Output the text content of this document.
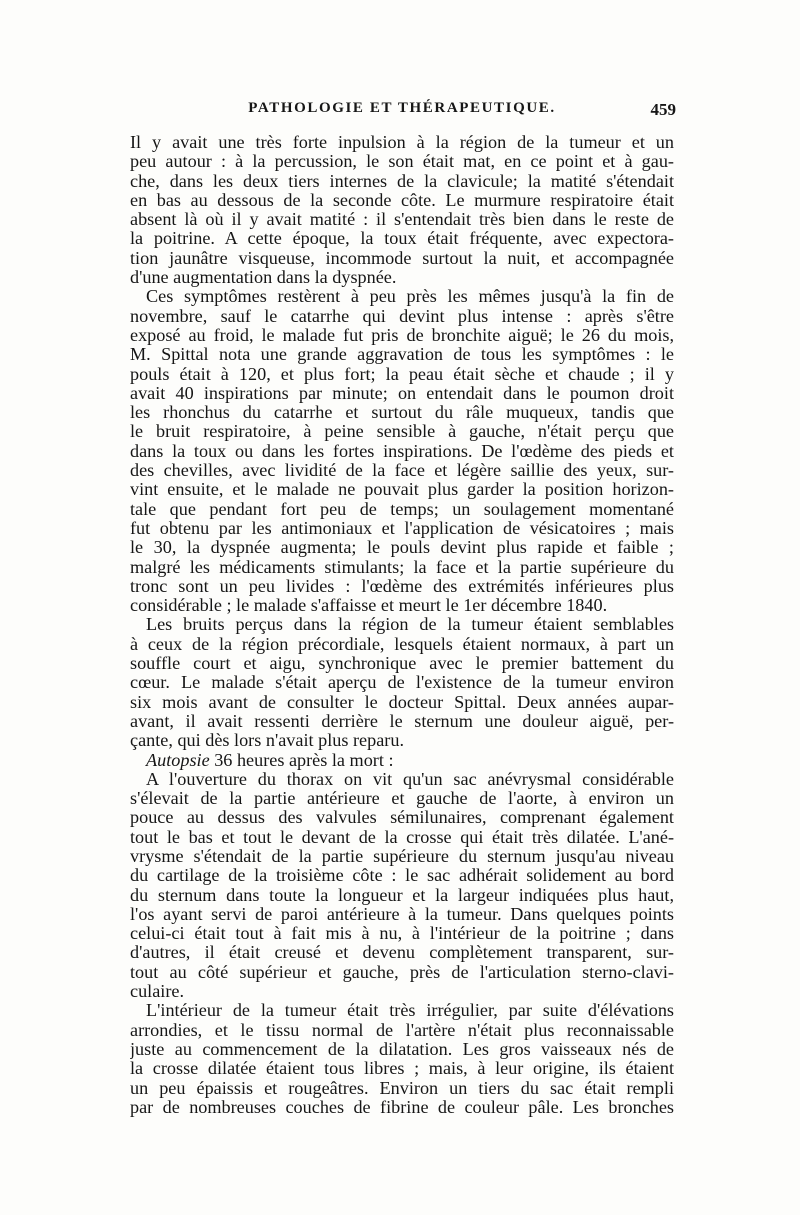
PATHOLOGIE ET THÉRAPEUTIQUE.	459
Il y avait une très forte inpulsion à la région de la tumeur et un
peu autour : à la percussion, le son était mat, en ce point et à gau-
che, dans les deux tiers internes de la clavicule; la matité s'étendait
en bas au dessous de la seconde côte. Le murmure respiratoire était
absent là où il y avait matité : il s'entendait très bien dans le reste de
la poitrine. A cette époque, la toux était fréquente, avec expectora-
tion jaunâtre visqueuse, incommode surtout la nuit, et accompagnée
d'une augmentation dans la dyspnée.
Ces symptômes restèrent à peu près les mêmes jusqu'à la fin de
novembre, sauf le catarrhe qui devint plus intense : après s'être
exposé au froid, le malade fut pris de bronchite aiguë; le 26 du mois,
M. Spittal nota une grande aggravation de tous les symptômes : le
pouls était à 120, et plus fort; la peau était sèche et chaude ; il y
avait 40 inspirations par minute; on entendait dans le poumon droit
les rhonchus du catarrhe et surtout du râle muqueux, tandis que
le bruit respiratoire, à peine sensible à gauche, n'était perçu que
dans la toux ou dans les fortes inspirations. De l'œdème des pieds et
des chevilles, avec lividité de la face et légère saillie des yeux, sur-
vint ensuite, et le malade ne pouvait plus garder la position horizon-
tale que pendant fort peu de temps; un soulagement momentané
fut obtenu par les antimoniaux et l'application de vésicatoires ; mais
le 30, la dyspnée augmenta; le pouls devint plus rapide et faible ;
malgré les médicaments stimulants; la face et la partie supérieure du
tronc sont un peu livides : l'œdème des extrémités inférieures plus
considérable ; le malade s'affaisse et meurt le 1er décembre 1840.
Les bruits perçus dans la région de la tumeur étaient semblables
à ceux de la région précordiale, lesquels étaient normaux, à part un
souffle court et aigu, synchronique avec le premier battement du
cœur. Le malade s'était aperçu de l'existence de la tumeur environ
six mois avant de consulter le docteur Spittal. Deux années aupar-
avant, il avait ressenti derrière le sternum une douleur aiguë, per-
çante, qui dès lors n'avait plus reparu.
Autopsie 36 heures après la mort :
A l'ouverture du thorax on vit qu'un sac anévrysmal considérable
s'élevait de la partie antérieure et gauche de l'aorte, à environ un
pouce au dessus des valvules sémilunaires, comprenant également
tout le bas et tout le devant de la crosse qui était très dilatée. L'ané-
vrysme s'étendait de la partie supérieure du sternum jusqu'au niveau
du cartilage de la troisième côte : le sac adhérait solidement au bord
du sternum dans toute la longueur et la largeur indiquées plus haut,
l'os ayant servi de paroi antérieure à la tumeur. Dans quelques points
celui-ci était tout à fait mis à nu, à l'intérieur de la poitrine ; dans
d'autres, il était creusé et devenu complètement transparent, sur-
tout au côté supérieur et gauche, près de l'articulation sterno-clavi-
culaire.
L'intérieur de la tumeur était très irrégulier, par suite d'élévations
arrondies, et le tissu normal de l'artère n'était plus reconnaissable
juste au commencement de la dilatation. Les gros vaisseaux nés de
la crosse dilatée étaient tous libres ; mais, à leur origine, ils étaient
un peu épaissis et rougeâtres. Environ un tiers du sac était rempli
par de nombreuses couches de fibrine de couleur pâle. Les bronches
